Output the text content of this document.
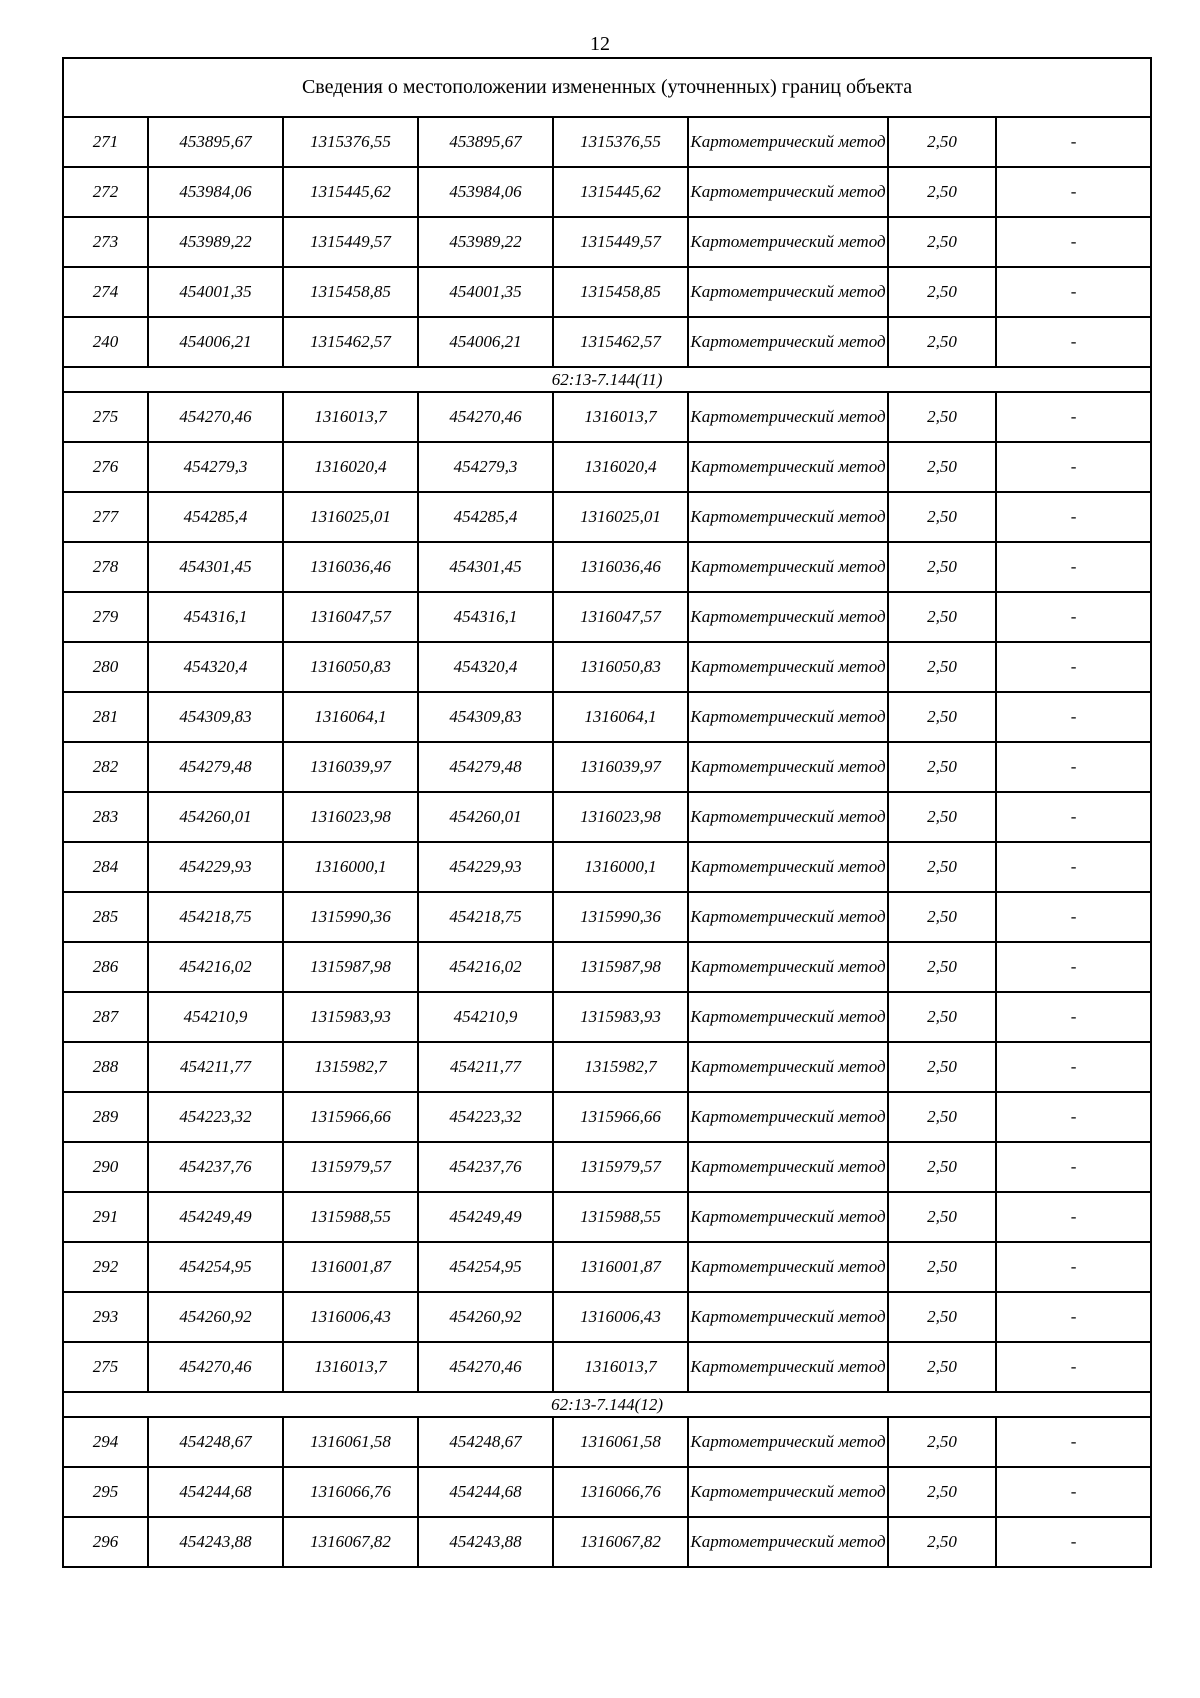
12
Сведения о местоположении измененных (уточненных) границ объекта							
271	453895,67	1315376,55	453895,67	1315376,55	Картометрический метод	2,50	-
272	453984,06	1315445,62	453984,06	1315445,62	Картометрический метод	2,50	-
273	453989,22	1315449,57	453989,22	1315449,57	Картометрический метод	2,50	-
274	454001,35	1315458,85	454001,35	1315458,85	Картометрический метод	2,50	-
240	454006,21	1315462,57	454006,21	1315462,57	Картометрический метод	2,50	-
62:13-7.144(11)							
275	454270,46	1316013,7	454270,46	1316013,7	Картометрический метод	2,50	-
276	454279,3	1316020,4	454279,3	1316020,4	Картометрический метод	2,50	-
277	454285,4	1316025,01	454285,4	1316025,01	Картометрический метод	2,50	-
278	454301,45	1316036,46	454301,45	1316036,46	Картометрический метод	2,50	-
279	454316,1	1316047,57	454316,1	1316047,57	Картометрический метод	2,50	-
280	454320,4	1316050,83	454320,4	1316050,83	Картометрический метод	2,50	-
281	454309,83	1316064,1	454309,83	1316064,1	Картометрический метод	2,50	-
282	454279,48	1316039,97	454279,48	1316039,97	Картометрический метод	2,50	-
283	454260,01	1316023,98	454260,01	1316023,98	Картометрический метод	2,50	-
284	454229,93	1316000,1	454229,93	1316000,1	Картометрический метод	2,50	-
285	454218,75	1315990,36	454218,75	1315990,36	Картометрический метод	2,50	-
286	454216,02	1315987,98	454216,02	1315987,98	Картометрический метод	2,50	-
287	454210,9	1315983,93	454210,9	1315983,93	Картометрический метод	2,50	-
288	454211,77	1315982,7	454211,77	1315982,7	Картометрический метод	2,50	-
289	454223,32	1315966,66	454223,32	1315966,66	Картометрический метод	2,50	-
290	454237,76	1315979,57	454237,76	1315979,57	Картометрический метод	2,50	-
291	454249,49	1315988,55	454249,49	1315988,55	Картометрический метод	2,50	-
292	454254,95	1316001,87	454254,95	1316001,87	Картометрический метод	2,50	-
293	454260,92	1316006,43	454260,92	1316006,43	Картометрический метод	2,50	-
275	454270,46	1316013,7	454270,46	1316013,7	Картометрический метод	2,50	-
62:13-7.144(12)							
294	454248,67	1316061,58	454248,67	1316061,58	Картометрический метод	2,50	-
295	454244,68	1316066,76	454244,68	1316066,76	Картометрический метод	2,50	-
296	454243,88	1316067,82	454243,88	1316067,82	Картометрический метод	2,50	-
